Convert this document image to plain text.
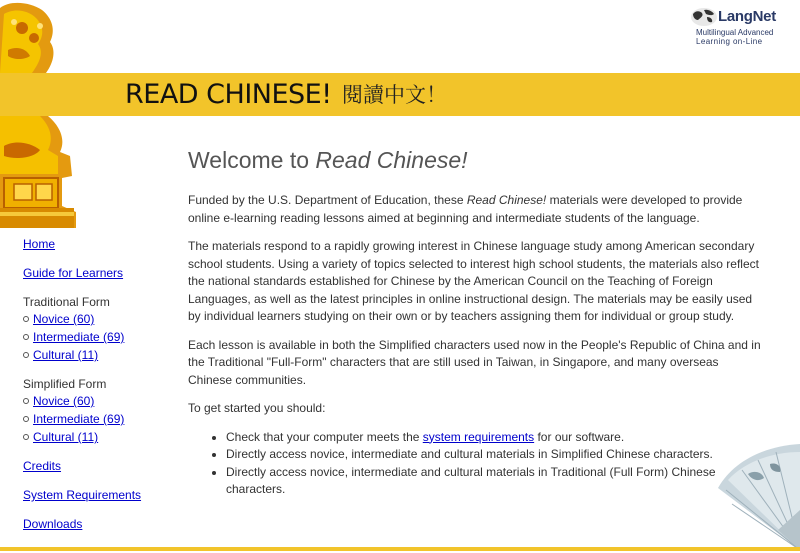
READ CHINESE! 閱讀中文！
LangNet
Multilingual Advanced
Learning on-Line
Home
Guide for Learners
Traditional Form
Novice (60)
Intermediate (69)
Cultural (11)
Simplified Form
Novice (60)
Intermediate (69)
Cultural (11)
Credits
System Requirements
Downloads
Welcome to Read Chinese!

Funded by the U.S. Department of Education, these Read Chinese! materials were developed to provide online e-learning reading lessons aimed at beginning and intermediate students of the language.

The materials respond to a rapidly growing interest in Chinese language study among American secondary school students. Using a variety of topics selected to interest high school students, the materials also reflect the national standards established for Chinese by the American Council on the Teaching of Foreign Languages, as well as the latest principles in online instructional design. The materials may be easily used by individual learners studying on their own or by teachers assigning them for individual or group study.

Each lesson is available in both the Simplified characters used now in the People's Republic of China and in the Traditional "Full-Form" characters that are still used in Taiwan, in Singapore, and many overseas Chinese communities.

To get started you should:

• Check that your computer meets the system requirements for our software.
• Directly access novice, intermediate and cultural materials in Simplified Chinese characters.
• Directly access novice, intermediate and cultural materials in Traditional (Full Form) Chinese characters.
